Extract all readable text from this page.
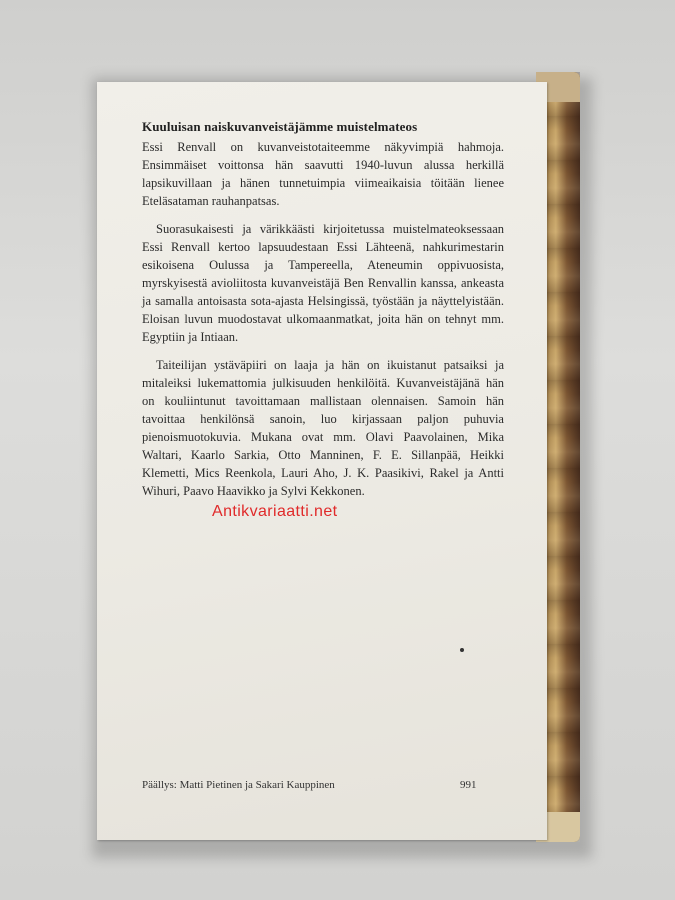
Kuuluisan naiskuvanveistäjämme muistelmateos

Essi Renvall on kuvanveistotaiteemme näkyvimpiä hahmoja. Ensimmäiset voittonsa hän saavutti 1940-luvun alussa herkillä lapsikuvillaan ja hänen tunnetuimpia viimeaikaisia töitään lienee Eteläsataman rauhanpatsas.

Suorasukaisesti ja värikkäästi kirjoitetussa muistelmateoksessaan Essi Renvall kertoo lapsuudestaan Essi Lähteenä, nahkurimestarin esikoisena Oulussa ja Tampereella, Ateneumin oppivuosista, myrskyisestä avioliitosta kuvanveistäjä Ben Renvallin kanssa, ankeasta ja samalla antoisasta sota-ajasta Helsingissä, työstään ja näyttelyistään. Eloisan luvun muodostavat ulkomaanmatkat, joita hän on tehnyt mm. Egyptiin ja Intiaan.

Taiteilijan ystäväpiiri on laaja ja hän on ikuistanut patsaiksi ja mitaleiksi lukemattomia julkisuuden henkilöitä. Kuvanveistäjänä hän on kouliintunut tavoittamaan mallistaan olennaisen. Samoin hän tavoittaa henkilönsä sanoin, luo kirjassaan paljon puhuvia pienoismuotokuvia. Mukana ovat mm. Olavi Paavolainen, Mika Waltari, Kaarlo Sarkia, Otto Manninen, F. E. Sillanpää, Heikki Klemetti, Mics Reenkola, Lauri Aho, J. K. Paasikivi, Rakel ja Antti Wihuri, Paavo Haavikko ja Sylvi Kekkonen.

Päällys: Matti Pietinen ja Sakari Kauppinen	991
Antikvariaatti.net
